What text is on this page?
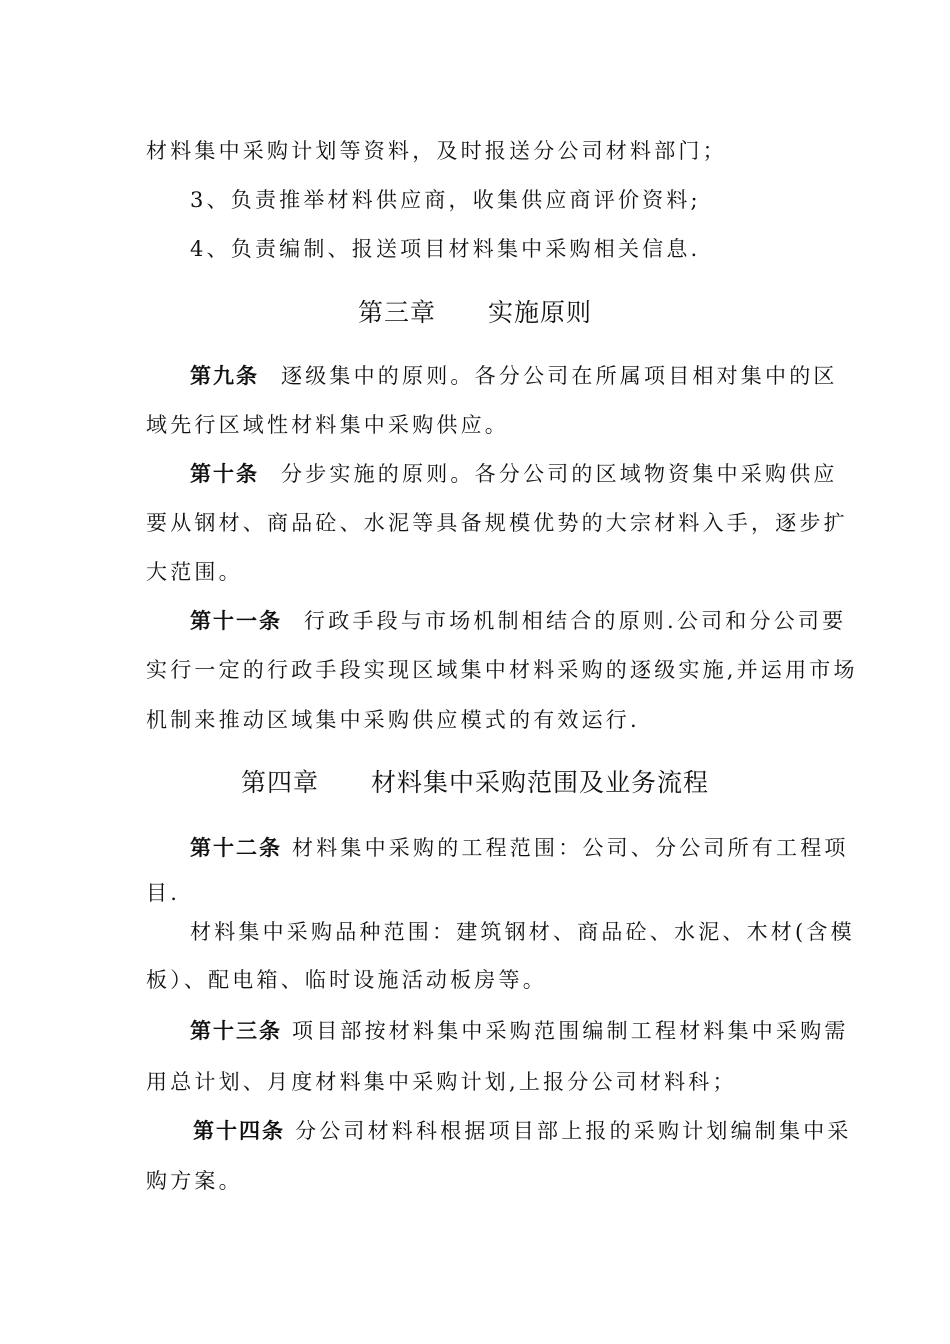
材料集中采购计划等资料，及时报送分公司材料部门；
3、负责推举材料供应商，收集供应商评价资料;
4、负责编制、报送项目材料集中采购相关信息.
第三章　　实施原则
第九条 逐级集中的原则。各分公司在所属项目相对集中的区
域先行区域性材料集中采购供应。
第十条 分步实施的原则。各分公司的区域物资集中采购供应
要从钢材、商品砼、水泥等具备规模优势的大宗材料入手，逐步扩
大范围。
第十一条 行政手段与市场机制相结合的原则.公司和分公司要
实行一定的行政手段实现区域集中材料采购的逐级实施,并运用市场
机制来推动区域集中采购供应模式的有效运行.
第四章　　材料集中采购范围及业务流程
第十二条 材料集中采购的工程范围：公司、分公司所有工程项
目.
材料集中采购品种范围：建筑钢材、商品砼、水泥、木材(含模
板）、配电箱、临时设施活动板房等。
第十三条 项目部按材料集中采购范围编制工程材料集中采购需
用总计划、月度材料集中采购计划,上报分公司材料科；
第十四条 分公司材料科根据项目部上报的采购计划编制集中采
购方案。
